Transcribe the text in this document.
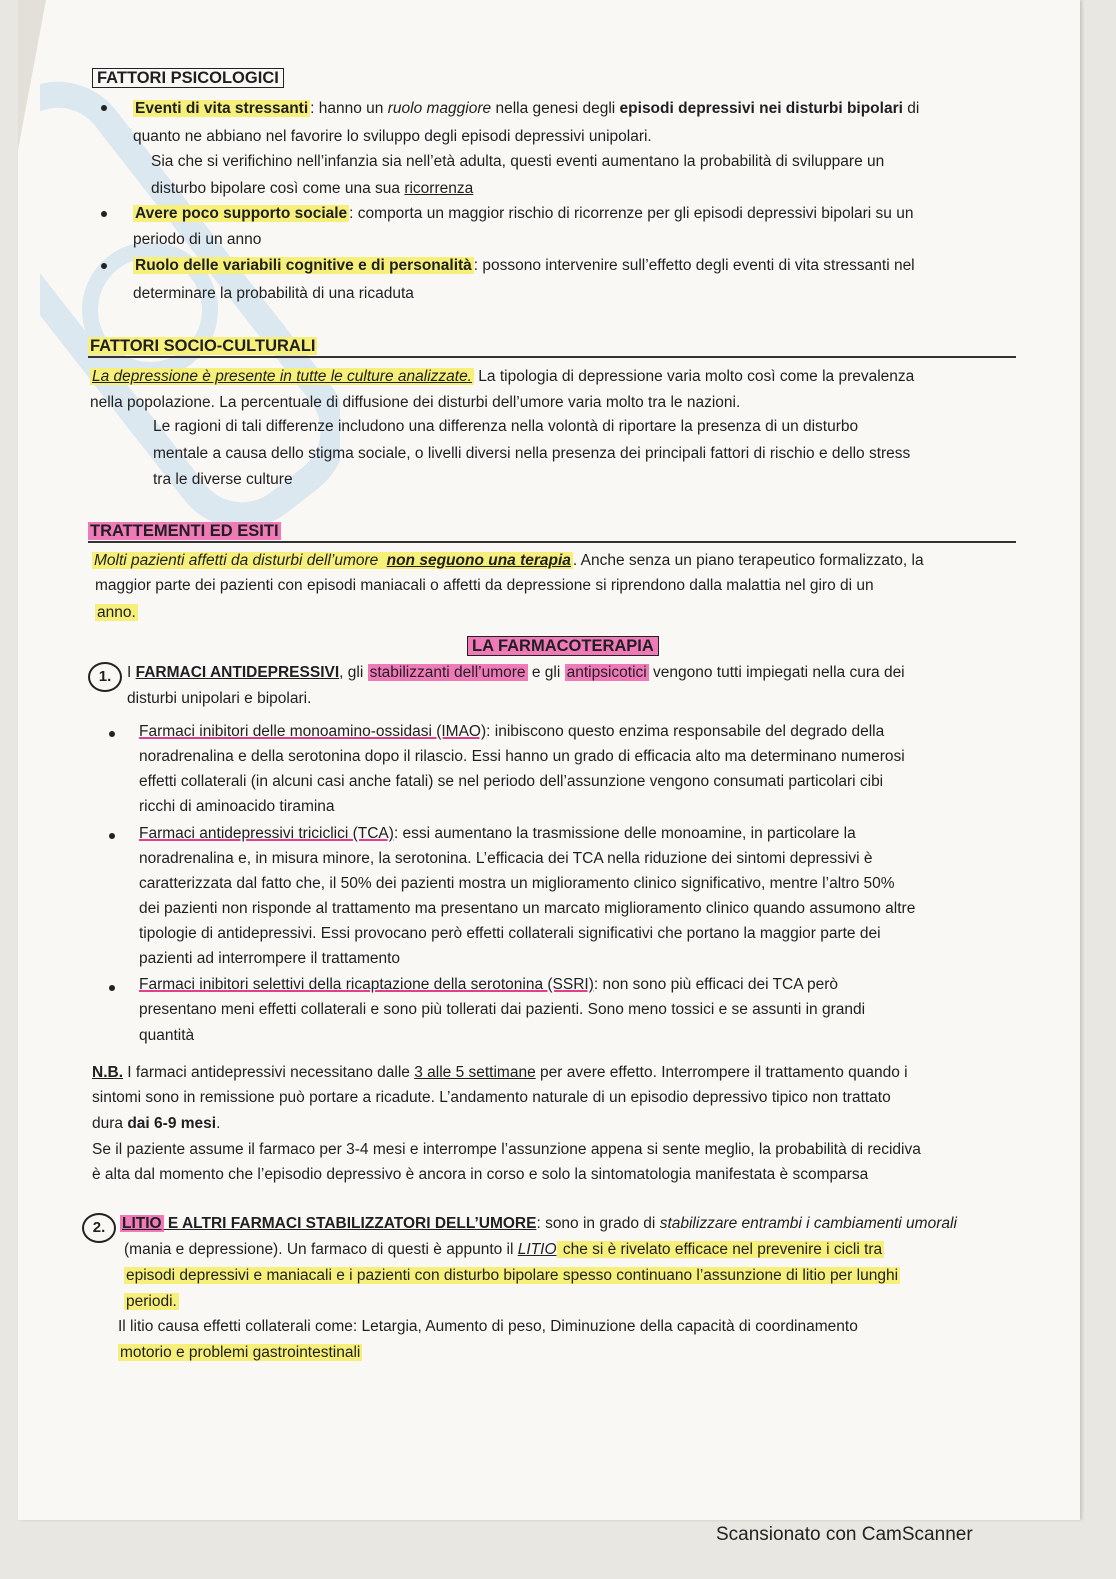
FATTORI PSICOLOGICI
Eventi di vita stressanti : hanno un ruolo maggiore nella genesi degli episodi depressivi nei disturbi bipolari di
quanto ne abbiano nel favorire lo sviluppo degli episodi depressivi unipolari.
Sia che si verifichino nell’infanzia sia nell’età adulta, questi eventi aumentano la probabilità di sviluppare un
disturbo bipolare così come una sua ricorrenza
Avere poco supporto sociale : comporta un maggior rischio di ricorrenze per gli episodi depressivi bipolari su un
periodo di un anno
Ruolo delle variabili cognitive e di personalità : possono intervenire sull’effetto degli eventi di vita stressanti nel
determinare la probabilità di una ricaduta
FATTORI SOCIO-CULTURALI
La depressione è presente in tutte le culture analizzate. La tipologia di depressione varia molto così come la prevalenza
nella popolazione. La percentuale di diffusione dei disturbi dell’umore varia molto tra le nazioni.
Le ragioni di tali differenze includono una differenza nella volontà di riportare la presenza di un disturbo
mentale a causa dello stigma sociale, o livelli diversi nella presenza dei principali fattori di rischio e dello stress
tra le diverse culture
TRATTEMENTI ED ESITI
Molti pazienti affetti da disturbi dell’umore non seguono una terapia . Anche senza un piano terapeutico formalizzato, la
maggior parte dei pazienti con episodi maniacali o affetti da depressione si riprendono dalla malattia nel giro di un
anno.
LA FARMACOTERAPIA
1.	I FARMACI ANTIDEPRESSIVI, gli stabilizzanti dell’umore e gli antipsicotici vengono tutti impiegati nella cura dei
disturbi unipolari e bipolari.
Farmaci inibitori delle monoamino-ossidasi (IMAO): inibiscono questo enzima responsabile del degrado della
noradrenalina e della serotonina dopo il rilascio. Essi hanno un grado di efficacia alto ma determinano numerosi
effetti collaterali (in alcuni casi anche fatali) se nel periodo dell’assunzione vengono consumati particolari cibi
ricchi di aminoacido tiramina
Farmaci antidepressivi triciclici (TCA): essi aumentano la trasmissione delle monoamine, in particolare la
noradrenalina e, in misura minore, la serotonina. L’efficacia dei TCA nella riduzione dei sintomi depressivi è
caratterizzata dal fatto che, il 50% dei pazienti mostra un miglioramento clinico significativo, mentre l’altro 50%
dei pazienti non risponde al trattamento ma presentano un marcato miglioramento clinico quando assumono altre
tipologie di antidepressivi. Essi provocano però effetti collaterali significativi che portano la maggior parte dei
pazienti ad interrompere il trattamento
Farmaci inibitori selettivi della ricaptazione della serotonina (SSRI): non sono più efficaci dei TCA però
presentano meni effetti collaterali e sono più tollerati dai pazienti. Sono meno tossici e se assunti in grandi
quantità
N.B. I farmaci antidepressivi necessitano dalle 3 alle 5 settimane per avere effetto. Interrompere il trattamento quando i
sintomi sono in remissione può portare a ricadute. L’andamento naturale di un episodio depressivo tipico non trattato
dura dai 6-9 mesi.
Se il paziente assume il farmaco per 3-4 mesi e interrompe l’assunzione appena si sente meglio, la probabilità di recidiva
è alta dal momento che l’episodio depressivo è ancora in corso e solo la sintomatologia manifestata è scomparsa
2.	LITIO E ALTRI FARMACI STABILIZZATORI DELL’UMORE: sono in grado di stabilizzare entrambi i cambiamenti umorali
(mania e depressione). Un farmaco di questi è appunto il LITIO che si è rivelato efficace nel prevenire i cicli tra
episodi depressivi e maniacali e i pazienti con disturbo bipolare spesso continuano l’assunzione di litio per lunghi
periodi.
Il litio causa effetti collaterali come: Letargia, Aumento di peso, Diminuzione della capacità di coordinamento
motorio e problemi gastrointestinali
Scansionato con CamScanner
